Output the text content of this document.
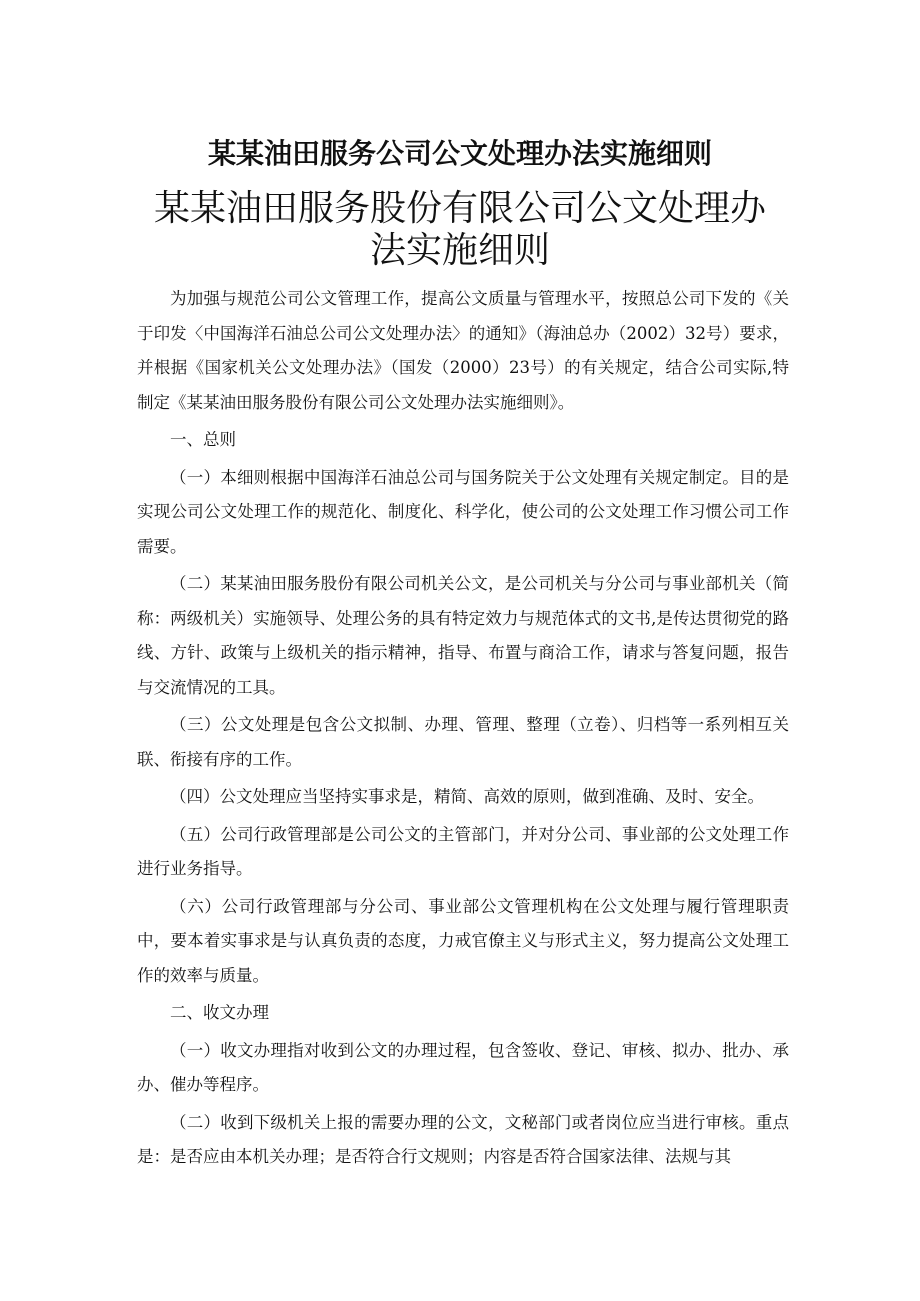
某某油田服务公司公文处理办法实施细则
某某油田服务股份有限公司公文处理办
法实施细则

为加强与规范公司公文管理工作，提高公文质量与管理水平，按照总公司下发的《关于印发〈中国海洋石油总公司公文处理办法〉的通知》（海油总办（2002）32号）要求，并根据《国家机关公文处理办法》（国发（2000）23号）的有关规定，结合公司实际,特制定《某某油田服务股份有限公司公文处理办法实施细则》。

一、总则

（一）本细则根据中国海洋石油总公司与国务院关于公文处理有关规定制定。目的是实现公司公文处理工作的规范化、制度化、科学化，使公司的公文处理工作习惯公司工作需要。

（二）某某油田服务股份有限公司机关公文，是公司机关与分公司与事业部机关（简称：两级机关）实施领导、处理公务的具有特定效力与规范体式的文书,是传达贯彻党的路线、方针、政策与上级机关的指示精神，指导、布置与商洽工作，请求与答复问题，报告与交流情况的工具。

（三）公文处理是包含公文拟制、办理、管理、整理（立卷）、归档等一系列相互关联、衔接有序的工作。

（四）公文处理应当坚持实事求是，精简、高效的原则，做到准确、及时、安全。

（五）公司行政管理部是公司公文的主管部门，并对分公司、事业部的公文处理工作进行业务指导。

（六）公司行政管理部与分公司、事业部公文管理机构在公文处理与履行管理职责中，要本着实事求是与认真负责的态度，力戒官僚主义与形式主义，努力提高公文处理工作的效率与质量。

二、收文办理

（一）收文办理指对收到公文的办理过程，包含签收、登记、审核、拟办、批办、承办、催办等程序。

（二）收到下级机关上报的需要办理的公文，文秘部门或者岗位应当进行审核。重点是：是否应由本机关办理；是否符合行文规则；内容是否符合国家法律、法规与其
